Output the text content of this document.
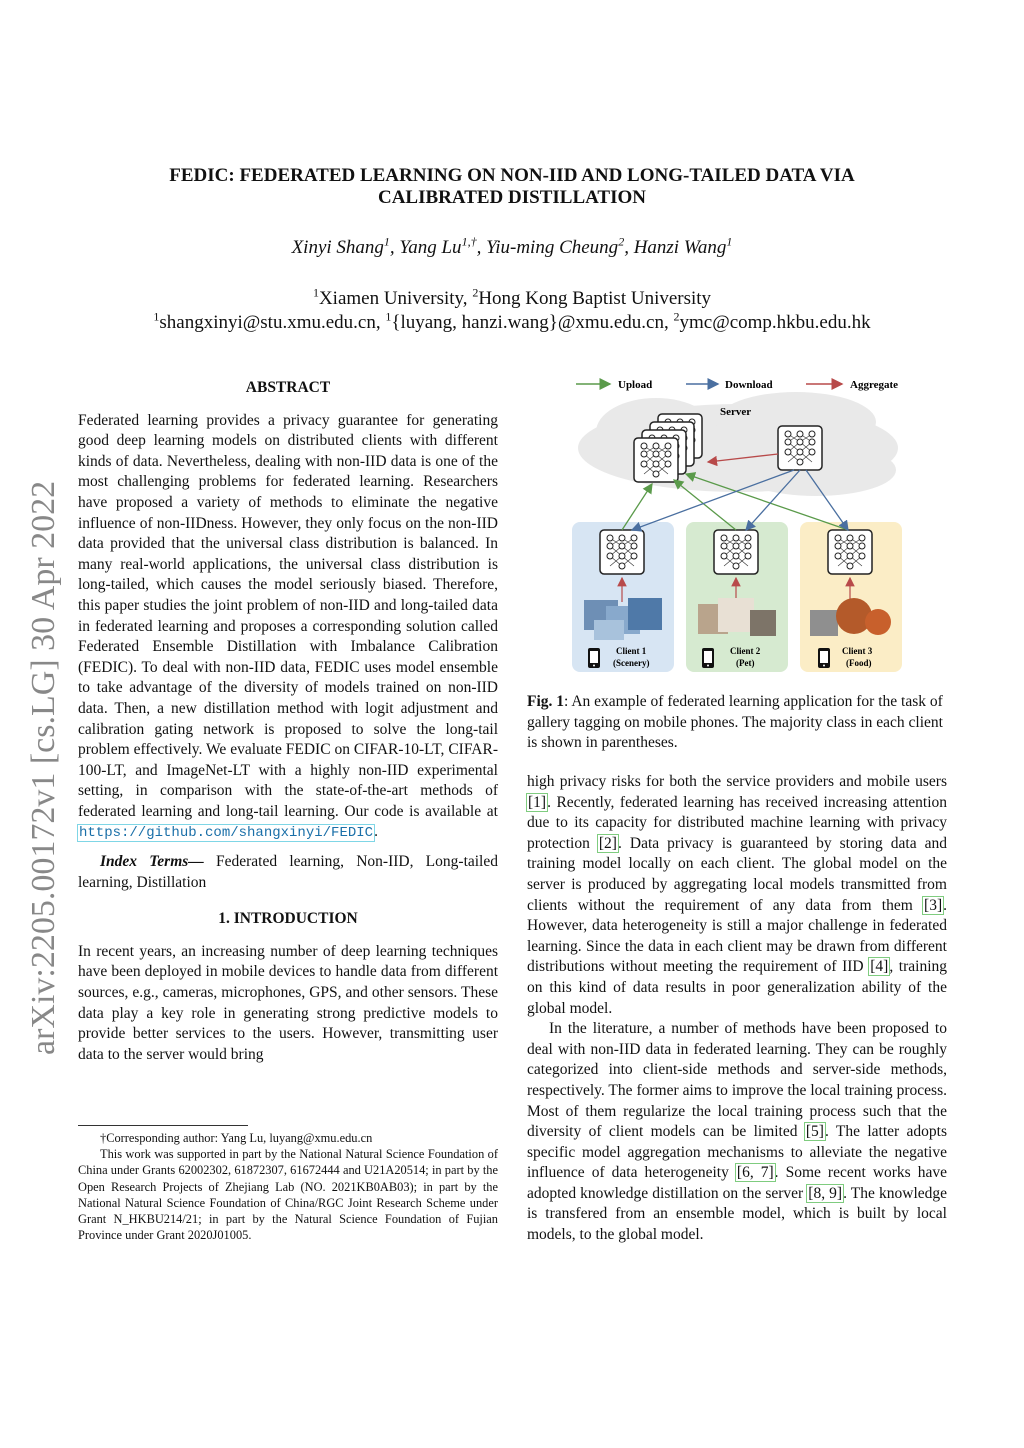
arXiv:2205.00172v1 [cs.LG] 30 Apr 2022
FEDIC: FEDERATED LEARNING ON NON-IID AND LONG-TAILED DATA VIA
CALIBRATED DISTILLATION

Xinyi Shang$^1$, Yang $Lu^{1,\dagger}$, Yiu-ming Cheung$^2$, Hanzi Wang$^1$

$^1$Xiamen University, $^2$Hong Kong Baptist University

$^1$shangxinyi@stu.xmu.edu.cn, $^1${luyang, hanzi.wang}@xmu.edu.cn, $^2$ymc@comp.hkbu.edu.hk

ABSTRACT

Federated learning provides a privacy guarantee for generating good deep learning models on distributed clients with different kinds of data. Nevertheless, dealing with non-IID data is one of the most challenging problems for federated learning. Researchers have proposed a variety of methods to eliminate the negative influence of non-IIDness. However, they only focus on the non-IID data provided that the universal class distribution is balanced. In many real-world applications, the universal class distribution is long-tailed, which causes the model seriously biased. Therefore, this paper studies the joint problem of non-IID and long-tailed data in federated learning and proposes a corresponding solution called Federated Ensemble Distillation with Imbalance Calibration (FEDIC). To deal with non-IID data, FEDIC uses model ensemble to take advantage of the diversity of models trained on non-IID data. Then, a new distillation method with logit adjustment and calibration gating network is proposed to solve the long-tail problem effectively. We evaluate FEDIC on CIFAR-10-LT, CIFAR-100-LT, and ImageNet-LT with a highly non-IID experimental setting, in comparison with the state-of-the-art methods of federated learning and long-tail learning. Our code is available at https://github.com/shangxinyi/FEDIC.

Index Terms— Federated learning, Non-IID, Long-tailed learning, Distillation

1. INTRODUCTION

In recent years, an increasing number of deep learning techniques have been deployed in mobile devices to handle data from different sources, e.g., cameras, microphones, GPS, and other sensors. These data play a key role in generating strong predictive models to provide better services to the users. However, transmitting user data to the server would bring

†Corresponding author: Yang Lu, luyang@xmu.edu.cn

This work was supported in part by the National Natural Science Foundation of China under Grants 62002302, 61872307, 61672444 and U21A20514; in part by the Open Research Projects of Zhejiang Lab (NO. 2021KB0AB03); in part by the National Natural Science Foundation of China/RGC Joint Research Scheme under Grant N_HKBU214/21; in part by the Natural Science Foundation of Fujian Province under Grant 2020J01005.

Upload	Download	Aggregate
Server
Client 1
(Scenery)
Client 2
(Pet)
Client 3
(Food)

Fig. 1: An example of federated learning application for the task of gallery tagging on mobile phones. The majority class in each client is shown in parentheses.

high privacy risks for both the service providers and mobile users [1]. Recently, federated learning has received increasing attention due to its capacity for distributed machine learning with privacy protection [2]. Data privacy is guaranteed by storing data and training model locally on each client. The global model on the server is produced by aggregating local models transmitted from clients without the requirement of any data from them [3]. However, data heterogeneity is still a major challenge in federated learning. Since the data in each client may be drawn from different distributions without meeting the requirement of IID [4], training on this kind of data results in poor generalization ability of the global model.

In the literature, a number of methods have been proposed to deal with non-IID data in federated learning. They can be roughly categorized into client-side methods and server-side methods, respectively. The former aims to improve the local training process. Most of them regularize the local training process such that the diversity of client models can be limited [5]. The latter adopts specific model aggregation mechanisms to alleviate the negative influence of data heterogeneity [6, 7]. Some recent works have adopted knowledge distillation on the server [8, 9]. The knowledge is transfered from an ensemble model, which is built by local models, to the global model.
